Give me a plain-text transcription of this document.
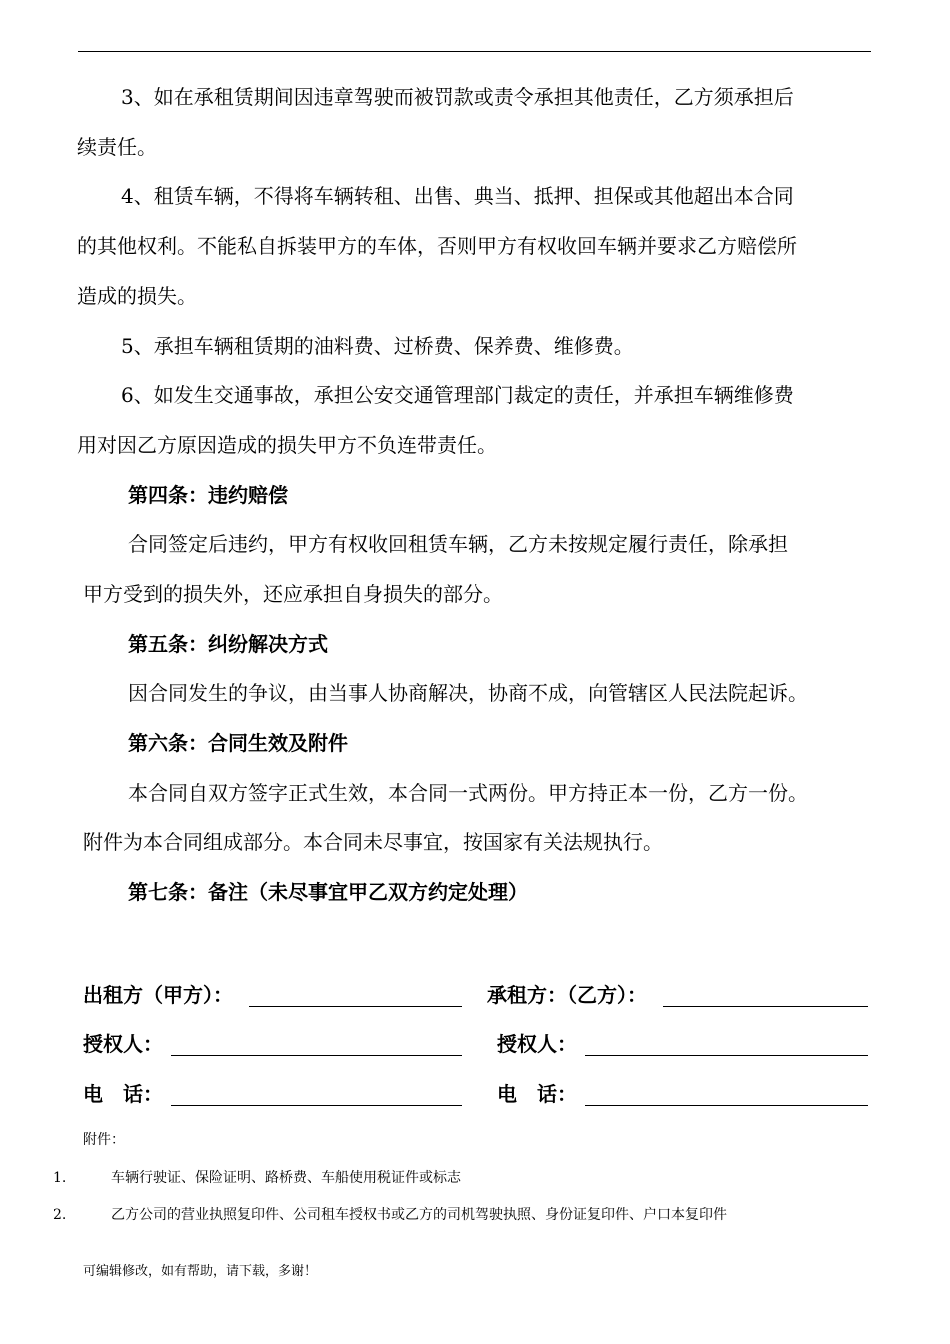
3、如在承租赁期间因违章驾驶而被罚款或责令承担其他责任，乙方须承担后
续责任。
4、租赁车辆，不得将车辆转租、出售、典当、抵押、担保或其他超出本合同
的其他权利。不能私自拆装甲方的车体，否则甲方有权收回车辆并要求乙方赔偿所
造成的损失。
5、承担车辆租赁期的油料费、过桥费、保养费、维修费。
6、如发生交通事故，承担公安交通管理部门裁定的责任，并承担车辆维修费
用对因乙方原因造成的损失甲方不负连带责任。
第四条：违约赔偿
合同签定后违约，甲方有权收回租赁车辆，乙方未按规定履行责任，除承担
甲方受到的损失外，还应承担自身损失的部分。
第五条：纠纷解决方式
因合同发生的争议，由当事人协商解决，协商不成，向管辖区人民法院起诉。
第六条：合同生效及附件
本合同自双方签字正式生效，本合同一式两份。甲方持正本一份，乙方一份。
附件为本合同组成部分。本合同未尽事宜，按国家有关法规执行。
第七条：备注（未尽事宜甲乙双方约定处理）
出租方（甲方）：	承租方：（乙方）：
授权人：	授权人：
电　话：	电　话：
附件：
1.	车辆行驶证、保险证明、路桥费、车船使用税证件或标志
2.	乙方公司的营业执照复印件、公司租车授权书或乙方的司机驾驶执照、身份证复印件、户口本复印件
可编辑修改，如有帮助，请下载，多谢！
